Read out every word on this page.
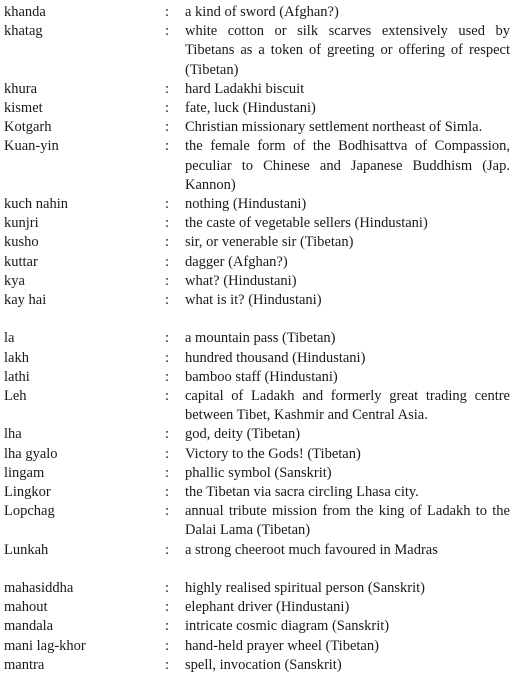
khanda	: a kind of sword (Afghan?)
khatag	: white cotton or silk scarves extensively used by Tibetans as a token of greeting or offering of respect (Tibetan)
khura	: hard Ladakhi biscuit
kismet	: fate, luck (Hindustani)
Kotgarh	: Christian missionary settlement northeast of Simla.
Kuan-yin	: the female form of the Bodhisattva of Compassion, peculiar to Chinese and Japanese Buddhism (Jap. Kannon)
kuch nahin	: nothing (Hindustani)
kunjri	: the caste of vegetable sellers (Hindustani)
kusho	: sir, or venerable sir (Tibetan)
kuttar	: dagger (Afghan?)
kya	: what? (Hindustani)
kay hai	: what is it? (Hindustani)
la	: a mountain pass (Tibetan)
lakh	: hundred thousand (Hindustani)
lathi	: bamboo staff (Hindustani)
Leh	: capital of Ladakh and formerly great trading centre between Tibet, Kashmir and Central Asia.
lha	: god, deity (Tibetan)
lha gyalo	: Victory to the Gods! (Tibetan)
lingam	: phallic symbol (Sanskrit)
Lingkor	: the Tibetan via sacra circling Lhasa city.
Lopchag	: annual tribute mission from the king of Ladakh to the Dalai Lama (Tibetan)
Lunkah	: a strong cheeroot much favoured in Madras
mahasiddha	: highly realised spiritual person (Sanskrit)
mahout	: elephant driver (Hindustani)
mandala	: intricate cosmic diagram (Sanskrit)
mani lag-khor	: hand-held prayer wheel (Tibetan)
mantra	: spell, invocation (Sanskrit)
